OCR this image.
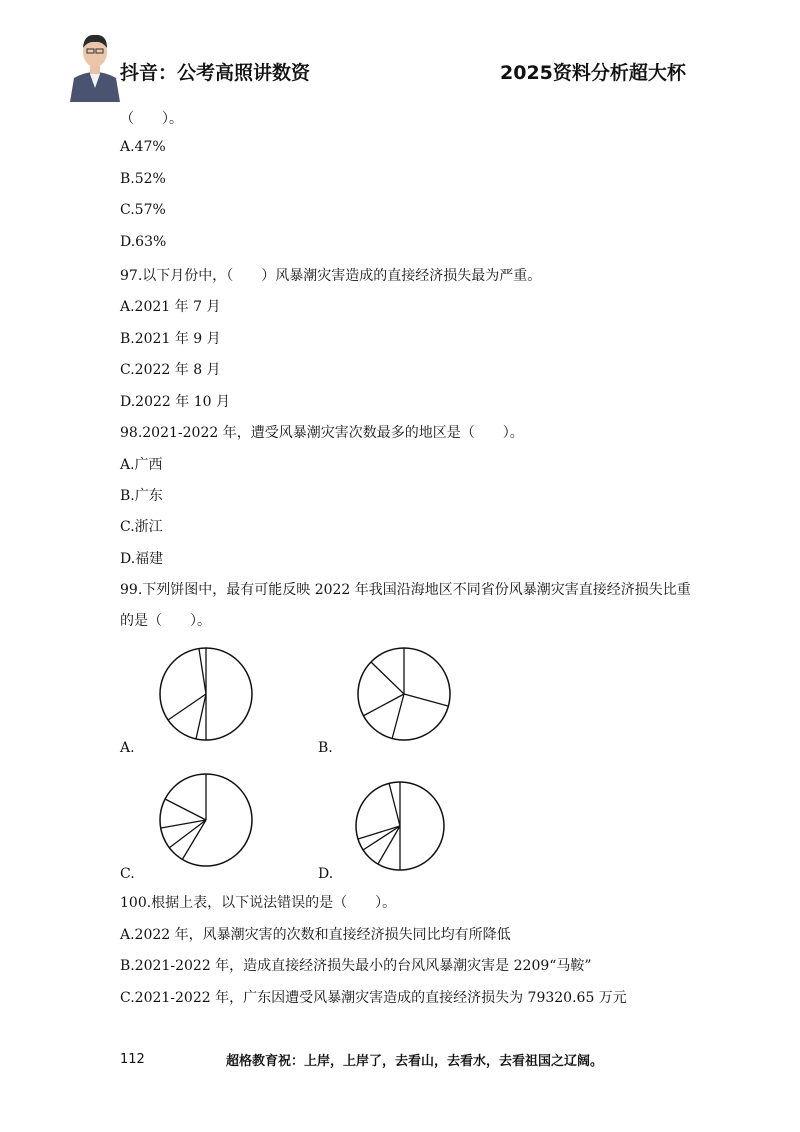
抖音：公考高照讲数资	2025资料分析超大杯
（　　）。
A.47%
B.52%
C.57%
D.63%
97.以下月份中，（　　）风暴潮灾害造成的直接经济损失最为严重。
A.2021 年 7 月
B.2021 年 9 月
C.2022 年 8 月
D.2022 年 10 月
98.2021-2022 年，遭受风暴潮灾害次数最多的地区是（　　）。
A.广西
B.广东
C.浙江
D.福建
99.下列饼图中，最有可能反映 2022 年我国沿海地区不同省份风暴潮灾害直接经济损失比重
的是（　　）。
A.	B.
C.	D.
100.根据上表，以下说法错误的是（　　）。
A.2022 年，风暴潮灾害的次数和直接经济损失同比均有所降低
B.2021-2022 年，造成直接经济损失最小的台风风暴潮灾害是 2209“马鞍”
C.2021-2022 年，广东因遭受风暴潮灾害造成的直接经济损失为 79320.65 万元
112	超格教育祝：上岸，上岸了，去看山，去看水，去看祖国之辽阔。
